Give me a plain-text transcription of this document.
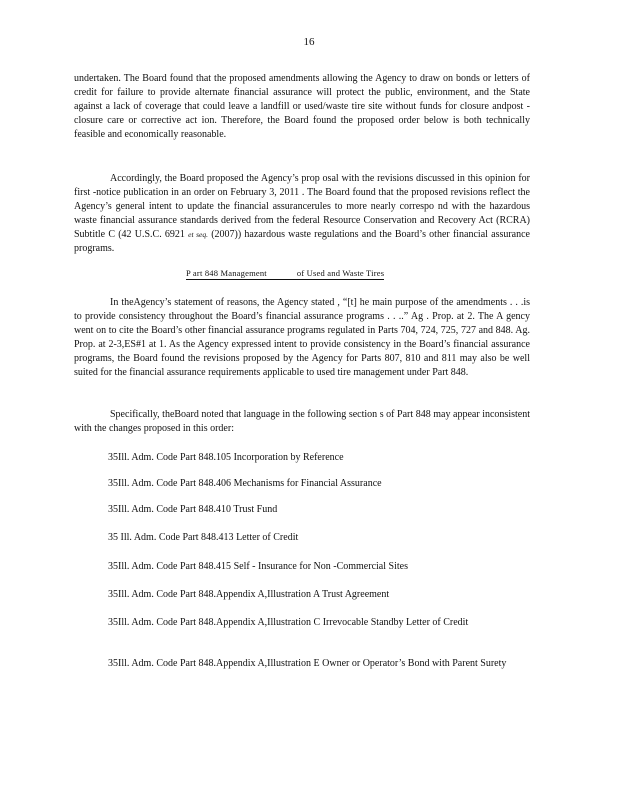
16

undertaken. The Board found that the proposed amendments allowing the Agency to draw on bonds or letters of credit for failure to provide alternate financial assurance will protect the public, environment, and the State against a lack of coverage that could leave a landfill or used/waste tire site without funds for closure andpost - closure care or corrective act ion. Therefore, the Board found the proposed order below is both technically feasible and economically reasonable.

Accordingly, the Board proposed the Agency’s prop osal with the revisions discussed in this opinion for first -notice publication in an order on February 3, 2011 . The Board found that the proposed revisions reflect the Agency’s general intent to update the financial assurancerules to more nearly correspo nd with the hazardous waste financial assurance standards derived from the federal Resource Conservation and Recovery Act (RCRA) Subtitle C (42 U.S.C. 6921 et seq. (2007)) hazardous waste regulations and the Board’s other financial assurance programs.

P art 848 Management	of Used and Waste Tires

In theAgency’s statement of reasons, the Agency stated , “[t] he main purpose of the amendments . . .is to provide consistency throughout the Board’s financial assurance programs . . ..” Ag . Prop. at 2. The A gency went on to cite the Board’s other financial assurance programs regulated in Parts 704, 724, 725, 727 and 848. Ag. Prop. at 2-3,ES#1 at 1. As the Agency expressed intent to provide consistency in the Board’s financial assurance programs, the Board found the revisions proposed by the Agency for Parts 807, 810 and 811 may also be well suited for the financial assurance requirements applicable to used tire management under Part 848.

Specifically, theBoard noted that language in the following section s of Part 848 may appear inconsistent with the changes proposed in this order:

35Ill. Adm. Code Part 848.105 Incorporation by Reference

35Ill. Adm. Code Part 848.406 Mechanisms for Financial Assurance

35Ill. Adm. Code Part 848.410 Trust Fund

35 Ill. Adm. Code Part 848.413 Letter of Credit

35Ill. Adm. Code Part 848.415 Self - Insurance for Non -Commercial Sites

35Ill. Adm. Code Part 848.Appendix A,Illustration A Trust Agreement

35Ill. Adm. Code Part 848.Appendix A,Illustration C Irrevocable Standby Letter of Credit

35Ill. Adm. Code Part 848.Appendix A,Illustration E Owner or Operator’s Bond with Parent Surety
